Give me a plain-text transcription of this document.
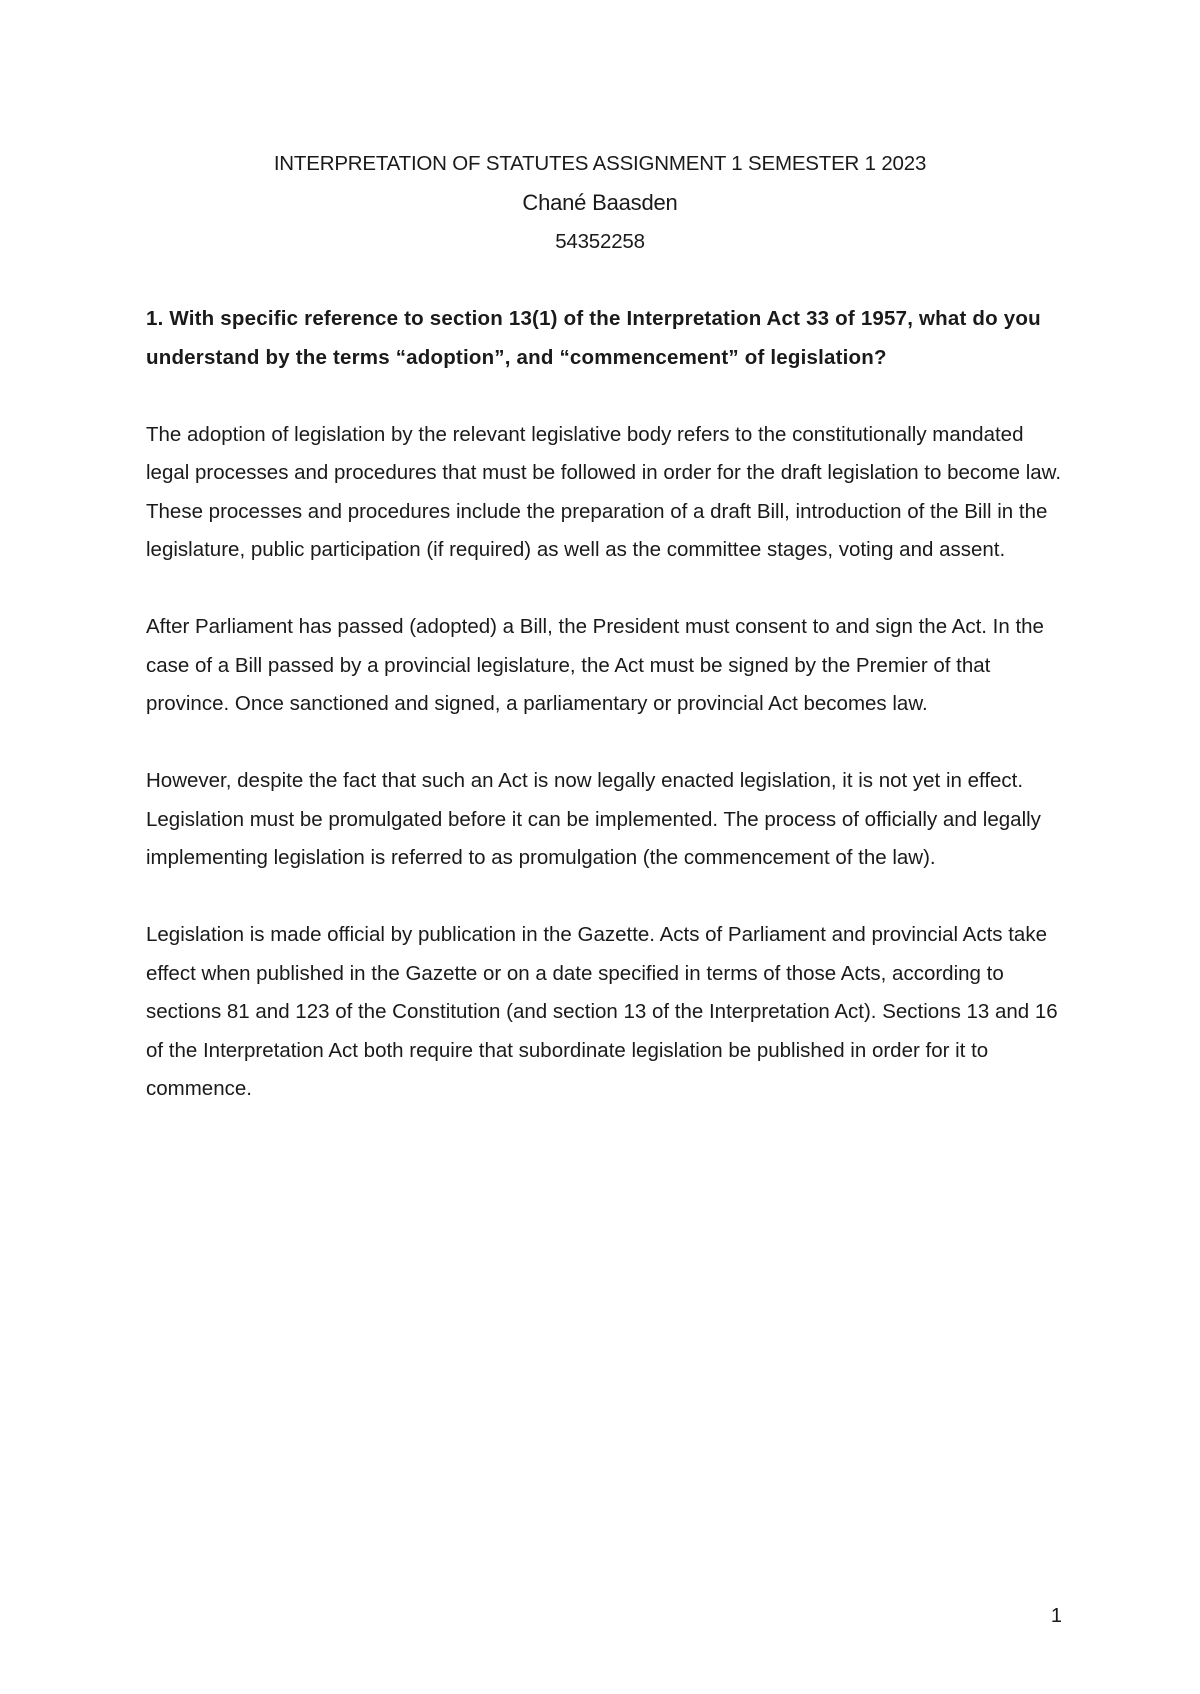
INTERPRETATION OF STATUTES ASSIGNMENT 1 SEMESTER 1 2023
Chané Baasden
54352258

1. With specific reference to section 13(1) of the Interpretation Act 33 of 1957, what do you understand by the terms “adoption”, and “commencement” of legislation?

The adoption of legislation by the relevant legislative body refers to the constitutionally mandated legal processes and procedures that must be followed in order for the draft legislation to become law. These processes and procedures include the preparation of a draft Bill, introduction of the Bill in the legislature, public participation (if required) as well as the committee stages, voting and assent.

After Parliament has passed (adopted) a Bill, the President must consent to and sign the Act. In the case of a Bill passed by a provincial legislature, the Act must be signed by the Premier of that province. Once sanctioned and signed, a parliamentary or provincial Act becomes law.

However, despite the fact that such an Act is now legally enacted legislation, it is not yet in effect. Legislation must be promulgated before it can be implemented. The process of officially and legally implementing legislation is referred to as promulgation (the commencement of the law).

Legislation is made official by publication in the Gazette. Acts of Parliament and provincial Acts take effect when published in the Gazette or on a date specified in terms of those Acts, according to sections 81 and 123 of the Constitution (and section 13 of the Interpretation Act). Sections 13 and 16 of the Interpretation Act both require that subordinate legislation be published in order for it to commence.

1
